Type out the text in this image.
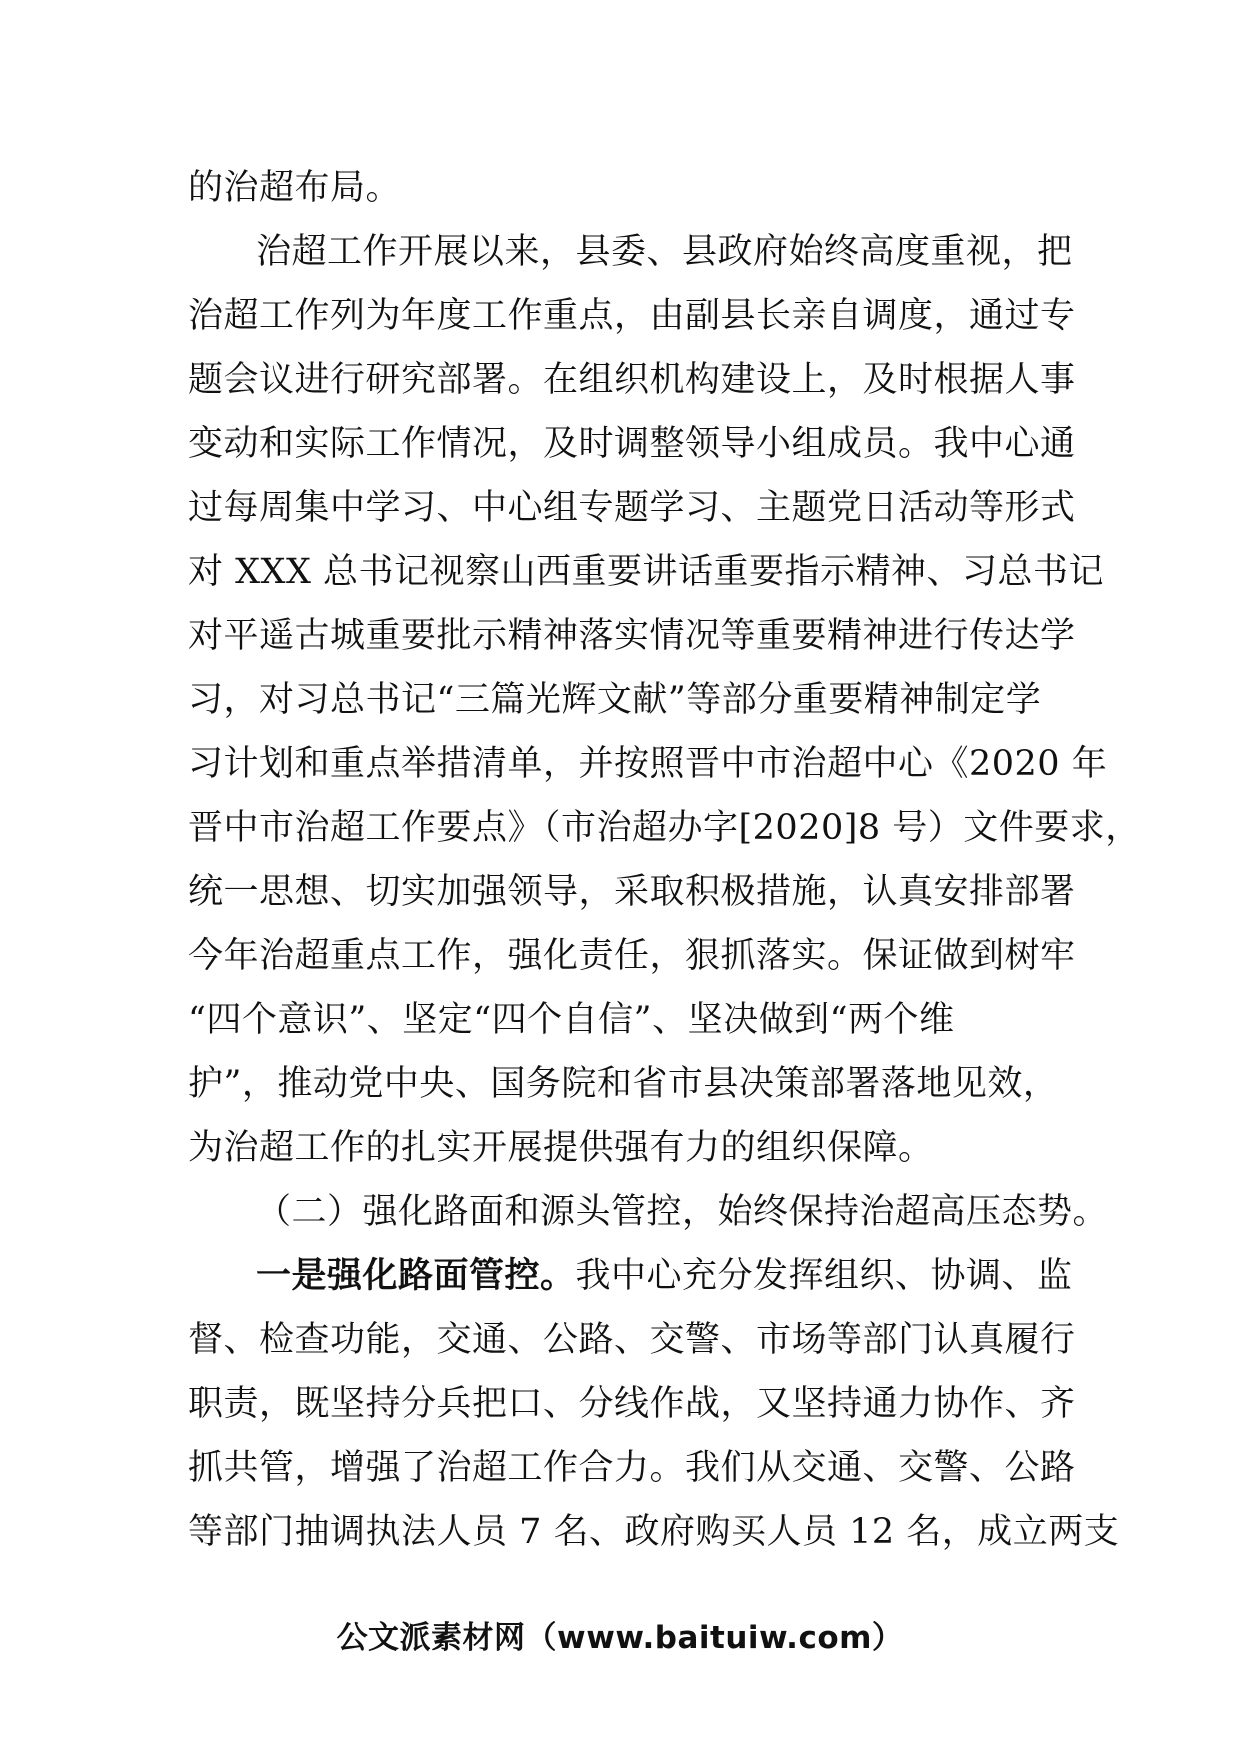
的治超布局。
治超工作开展以来，县委、县政府始终高度重视，把
治超工作列为年度工作重点，由副县长亲自调度，通过专
题会议进行研究部署。在组织机构建设上，及时根据人事
变动和实际工作情况，及时调整领导小组成员。我中心通
过每周集中学习、中心组专题学习、主题党日活动等形式
对 XXX 总书记视察山西重要讲话重要指示精神、习总书记
对平遥古城重要批示精神落实情况等重要精神进行传达学
习，对习总书记“三篇光辉文献”等部分重要精神制定学
习计划和重点举措清单，并按照晋中市治超中心《2020 年
晋中市治超工作要点》（市治超办字[2020]8 号）文件要求，
统一思想、切实加强领导，采取积极措施，认真安排部署
今年治超重点工作，强化责任，狠抓落实。保证做到树牢
“四个意识”、坚定“四个自信”、坚决做到“两个维
护”，推动党中央、国务院和省市县决策部署落地见效，
为治超工作的扎实开展提供强有力的组织保障。
（二）强化路面和源头管控，始终保持治超高压态势。
一是强化路面管控。我中心充分发挥组织、协调、监
督、检查功能，交通、公路、交警、市场等部门认真履行
职责，既坚持分兵把口、分线作战，又坚持通力协作、齐
抓共管，增强了治超工作合力。我们从交通、交警、公路
等部门抽调执法人员 7 名、政府购买人员 12 名，成立两支
公文派素材网（www.baituiw.com）
